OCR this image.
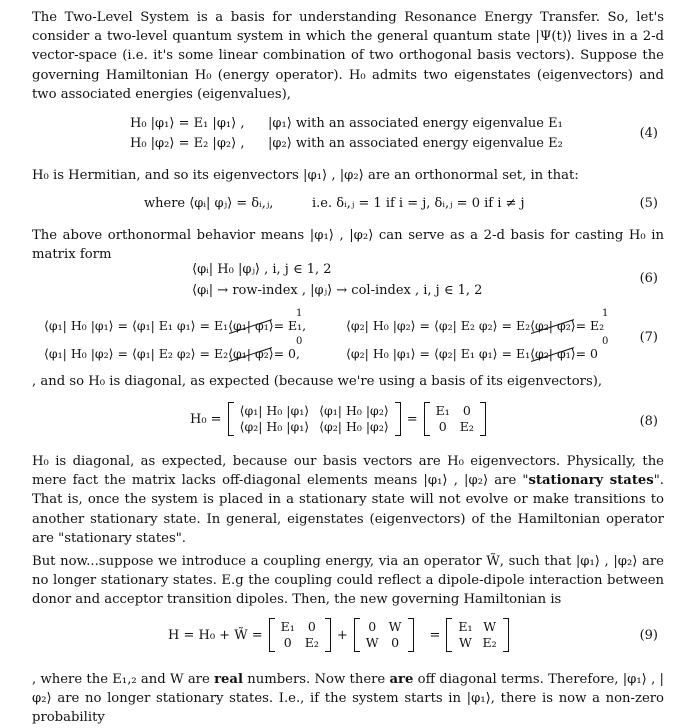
The Two-Level System is a basis for understanding Resonance Energy Transfer. So, let's consider a two-level quantum system in which the general quantum state |Ψ(t)⟩ lives in a 2-d vector-space (i.e. it's some linear combination of two orthogonal basis vectors). Suppose the governing Hamiltonian H₀ (energy operator). H₀ admits two eigenstates (eigenvectors) and two associated energies (eigenvalues),
H₀ |φ₁⟩ = E₁ |φ₁⟩ , |φ₁⟩ with an associated energy eigenvalue E₁
H₀ |φ₂⟩ = E₂ |φ₂⟩ , |φ₂⟩ with an associated energy eigenvalue E₂
(4)
H₀ is Hermitian, and so its eigenvectors |φ₁⟩ , |φ₂⟩ are an orthonormal set, in that:
where ⟨φᵢ| φⱼ⟩ = δᵢ,ⱼ,	i.e. δᵢ,ⱼ = 1 if i = j, δᵢ,ⱼ = 0 if i ≠ j	(5)
The above orthonormal behavior means |φ₁⟩ , |φ₂⟩ can serve as a 2-d basis for casting H₀ in matrix form
⟨φᵢ| H₀ |φⱼ⟩ , i, j ∈ 1, 2
⟨φᵢ| → row-index , |φⱼ⟩ → col-index , i, j ∈ 1, 2
(6)
⟨φ₁| H₀ |φ₁⟩ = ⟨φ₁| E₁ φ₁⟩ = E₁⟨φ₁| φ₁⟩= E₁,
1
⟨φ₂| H₀ |φ₂⟩ = ⟨φ₂| E₂ φ₂⟩ = E₂⟨φ₂| φ₂⟩= E₂
1
⟨φ₁| H₀ |φ₂⟩ = ⟨φ₁| E₂ φ₂⟩ = E₂⟨φ₁| φ₂⟩= 0,
0
⟨φ₂| H₀ |φ₁⟩ = ⟨φ₂| E₁ φ₁⟩ = E₁⟨φ₂| φ₁⟩= 0
0 (7)
, and so H₀ is diagonal, as expected (because we're using a basis of its eigenvectors),
H₀ =
⟨φ₁| H₀ |φ₁⟩	⟨φ₁| H₀ |φ₂⟩
⟨φ₂| H₀ |φ₁⟩	⟨φ₂| H₀ |φ₂⟩ =
E₁	0
0	E₂	(8)
H₀ is diagonal, as expected, because our basis vectors are H₀ eigenvectors. Physically, the mere fact the matrix lacks off-diagonal elements means |φ₁⟩ , |φ₂⟩ are "stationary states". That is, once the system is placed in a stationary state will not evolve or make transitions to another stationary state. In general, eigenstates (eigenvectors) of the Hamiltonian operator are "stationary states".
But now...suppose we introduce a coupling energy, via an operator W̃, such that |φ₁⟩ , |φ₂⟩ are no longer stationary states. E.g the coupling could reflect a dipole-dipole interaction between donor and acceptor transition dipoles. Then, the new governing Hamiltonian is
H = H₀ + W̃ =
E₁	0
0	E₂ +
0	W
W	0 =
E₁	W
W	E₂	(9)
, where the E₁,₂ and W are real numbers. Now there are off diagonal terms. Therefore, |φ₁⟩ , |φ₂⟩ are no longer stationary states. I.e., if the system starts in |φ₁⟩, there is now a non-zero probability
